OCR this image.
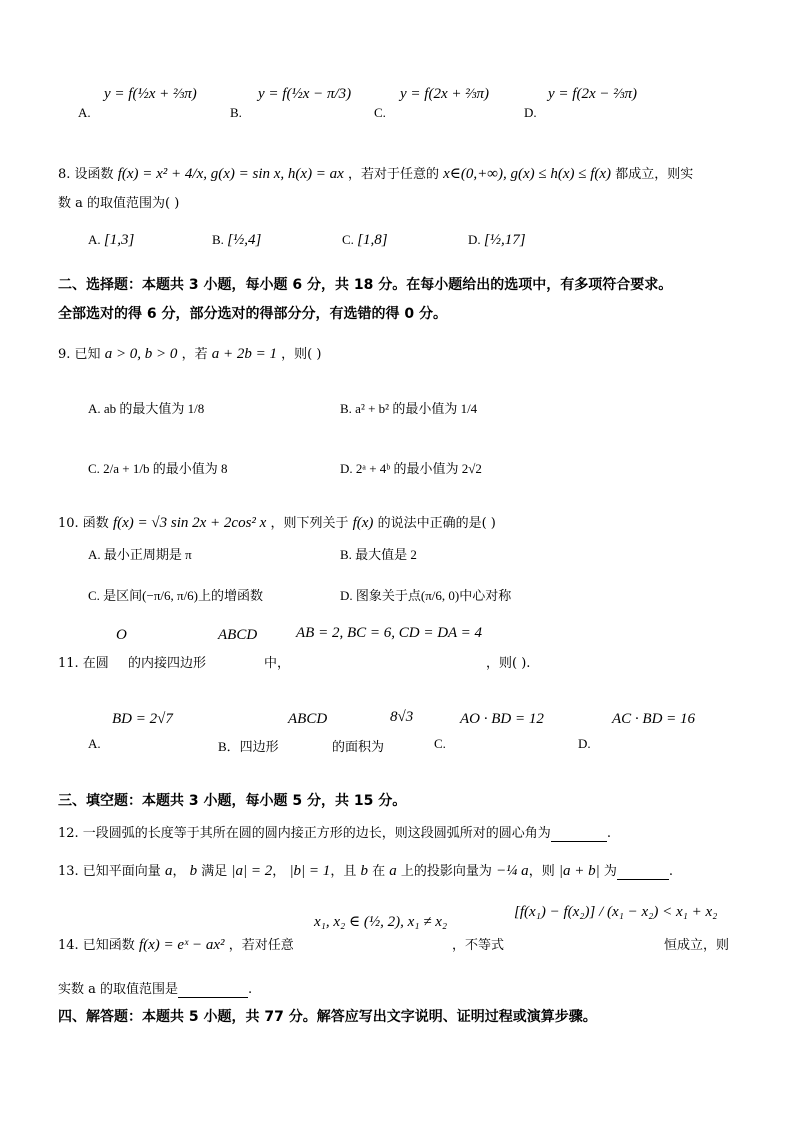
A.
y = f(½x + ⅔π)
B.
y = f(½x − π/3)
C.
y = f(2x + ⅔π)
D.
y = f(2x − ⅔π)
8. 设函数 f(x) = x² + 4/x, g(x) = sin x, h(x) = ax ，若对于任意的 x∈(0,+∞), g(x) ≤ h(x) ≤ f(x) 都成立，则实
数 a 的取值范围为( )
A. [1,3]	B. [½,4]	C. [1,8]	D. [½,17]
二、选择题：本题共 3 小题，每小题 6 分，共 18 分。在每小题给出的选项中，有多项符合要求。
全部选对的得 6 分，部分选对的得部分分，有选错的得 0 分。
9. 已知 a > 0, b > 0 ，若 a + 2b = 1 ，则( )
A. ab 的最大值为 1/8	B. a² + b² 的最小值为 1/4
C. 2/a + 1/b 的最小值为 8	D. 2ᵃ + 4ᵇ 的最小值为 2√2
10. 函数 f(x) = √3 sin 2x + 2cos² x ，则下列关于 f(x) 的说法中正确的是( )
A. 最小正周期是 π	B. 最大值是 2
C. 是区间(−π/6, π/6)上的增函数	D. 图象关于点(π/6, 0)中心对称
O	ABCD	AB = 2, BC = 6, CD = DA = 4
11. 在圆 的内接四边形	中，	，则( ).
BD = 2√7	ABCD	8√3	AO · BD = 12	AC · BD = 16
A.	B．四边形	的面积为	C.	D.
三、填空题：本题共 3 小题，每小题 5 分，共 15 分。
12. 一段圆弧的长度等于其所在圆的圆内接正方形的边长，则这段圆弧所对的圆心角为	.
13. 已知平面向量 a， b 满足 |a| = 2， |b| = 1，且 b 在 a 上的投影向量为 −¼ a，则 |a + b| 为	.
14. 已知函数 f(x) = eˣ − ax² ，若对任意
x₁, x₂ ∈ (½, 2), x₁ ≠ x₂
，不等式
[f(x₁) − f(x₂)] / (x₁ − x₂) < x₁ + x₂
恒成立，则
实数 a 的取值范围是	.
四、解答题：本题共 5 小题，共 77 分。解答应写出文字说明、证明过程或演算步骤。
